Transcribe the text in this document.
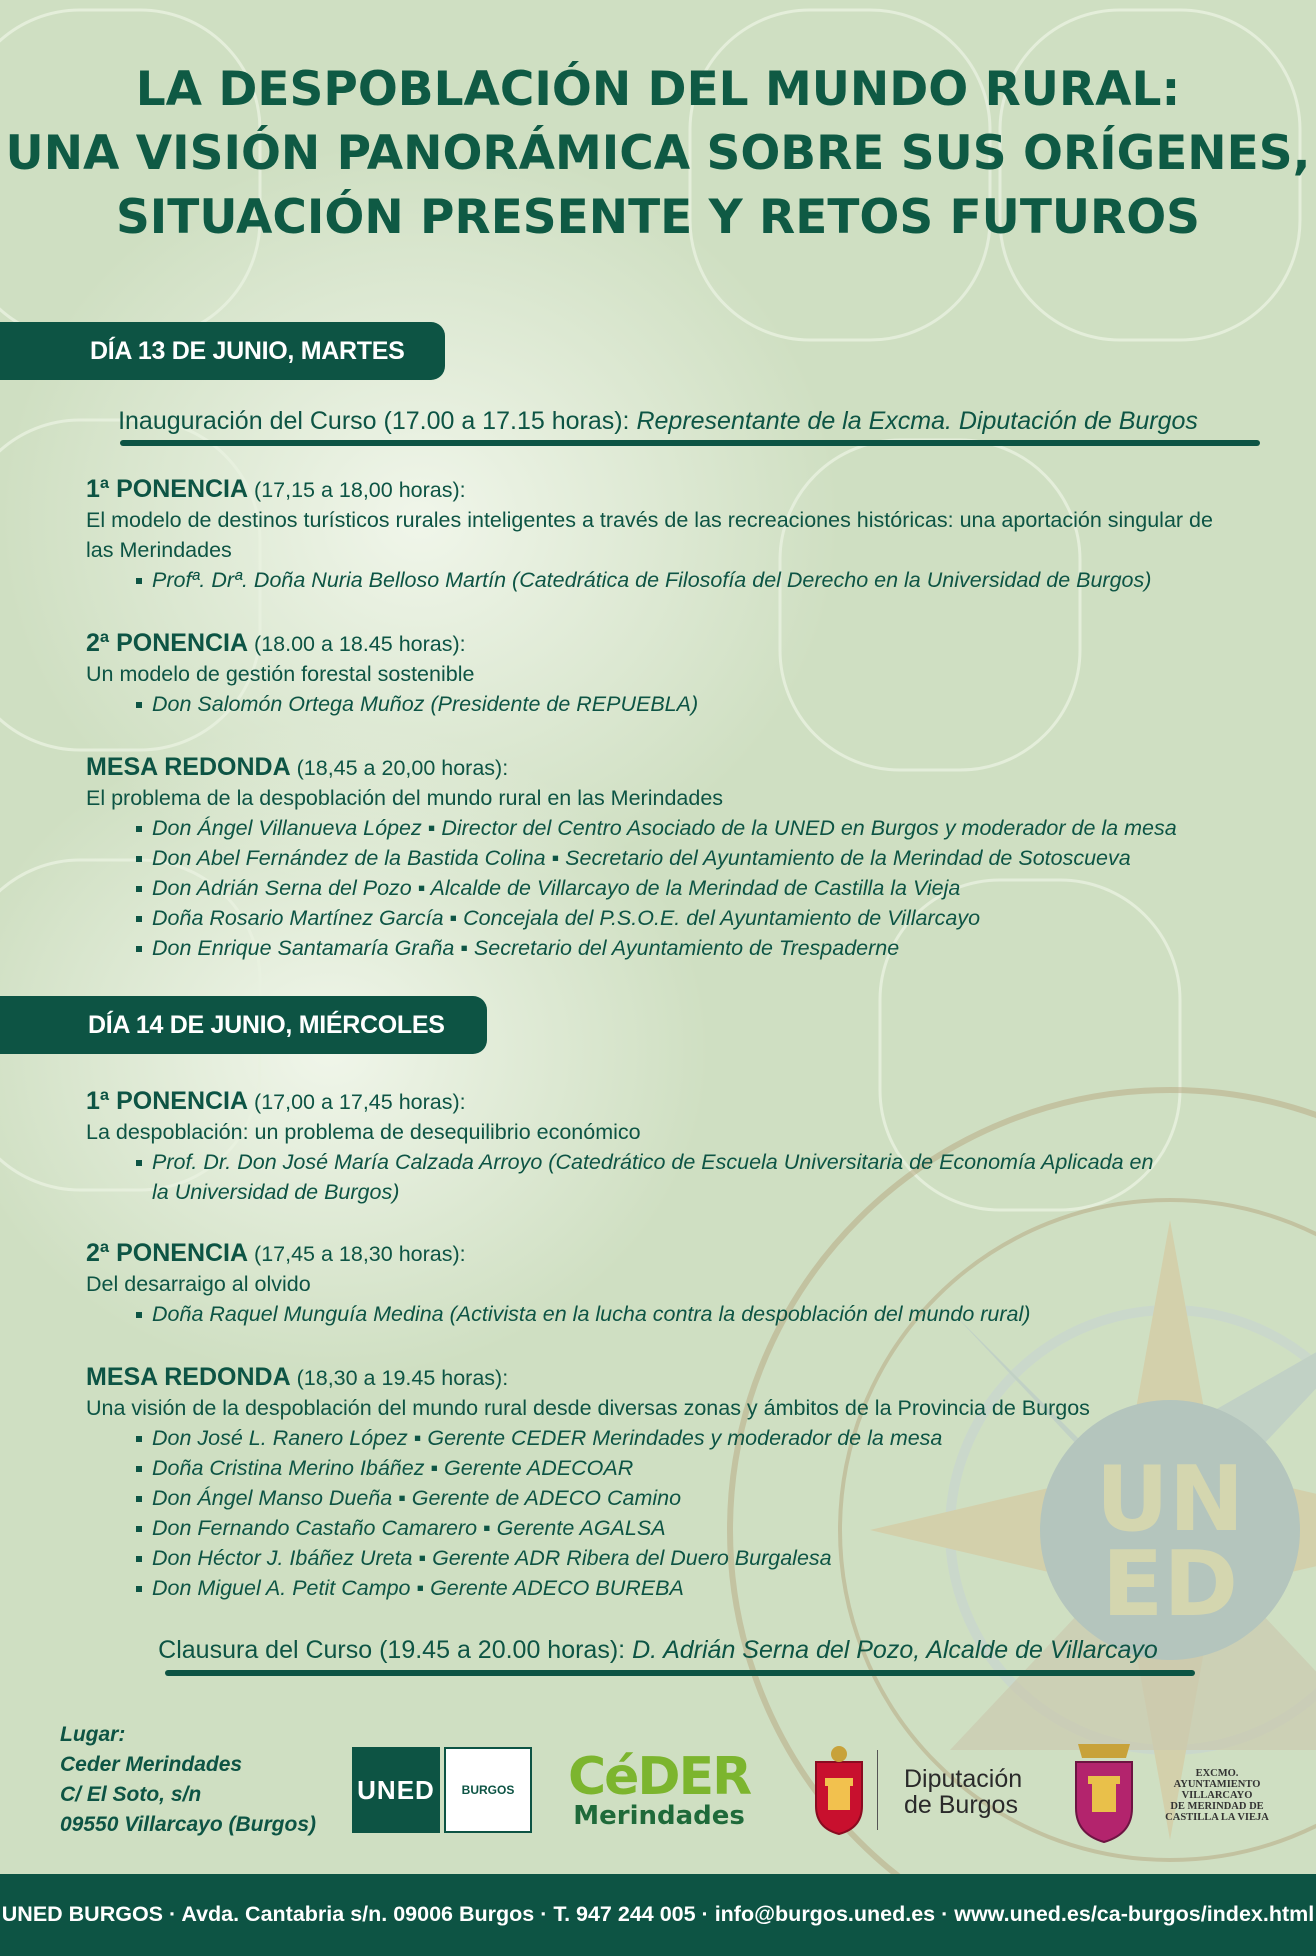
UN
ED
LA DESPOBLACIÓN DEL MUNDO RURAL:
UNA VISIÓN PANORÁMICA SOBRE SUS ORÍGENES,
SITUACIÓN PRESENTE Y RETOS FUTUROS
DÍA 13 DE JUNIO, MARTES
Inauguración del Curso (17.00 a 17.15 horas): Representante de la Excma. Diputación de Burgos
1ª PONENCIA (17,15 a 18,00 horas):
El modelo de destinos turísticos rurales inteligentes a través de las recreaciones históricas: una aportación singular de las Merindades
Profª. Drª. Doña Nuria Belloso Martín (Catedrática de Filosofía del Derecho en la Universidad de Burgos)
2ª PONENCIA (18.00 a 18.45 horas):
Un modelo de gestión forestal sostenible
Don Salomón Ortega Muñoz (Presidente de REPUEBLA)
MESA REDONDA (18,45 a 20,00 horas):
El problema de la despoblación del mundo rural en las Merindades
Don Ángel Villanueva López ▪ Director del Centro Asociado de la UNED en Burgos y moderador de la mesa
Don Abel Fernández de la Bastida Colina ▪ Secretario del Ayuntamiento de la Merindad de Sotoscueva
Don Adrián Serna del Pozo ▪ Alcalde de Villarcayo de la Merindad de Castilla la Vieja
Doña Rosario Martínez García ▪ Concejala del P.S.O.E. del Ayuntamiento de Villarcayo
Don Enrique Santamaría Graña ▪ Secretario del Ayuntamiento de Trespaderne
DÍA 14 DE JUNIO, MIÉRCOLES
1ª PONENCIA (17,00 a 17,45 horas):
La despoblación: un problema de desequilibrio económico
Prof. Dr. Don José María Calzada Arroyo (Catedrático de Escuela Universitaria de Economía Aplicada en la Universidad de Burgos)
2ª PONENCIA (17,45 a 18,30 horas):
Del desarraigo al olvido
Doña Raquel Munguía Medina (Activista en la lucha contra la despoblación del mundo rural)
MESA REDONDA (18,30 a 19.45 horas):
Una visión de la despoblación del mundo rural desde diversas zonas y ámbitos de la Provincia de Burgos
Don José L. Ranero López ▪ Gerente CEDER Merindades y moderador de la mesa
Doña Cristina Merino Ibáñez ▪ Gerente ADECOAR
Don Ángel Manso Dueña ▪ Gerente de ADECO Camino
Don Fernando Castaño Camarero ▪ Gerente AGALSA
Don Héctor J. Ibáñez Ureta ▪ Gerente ADR Ribera del Duero Burgalesa
Don Miguel A. Petit Campo ▪ Gerente ADECO BUREBA
Clausura del Curso (19.45 a 20.00 horas): D. Adrián Serna del Pozo, Alcalde de Villarcayo
Lugar:
Ceder Merindades
C/ El Soto, s/n
09550 Villarcayo (Burgos)
UNED	BURGOS	CéDER
Merindades
Diputación
de Burgos
EXCMO.
AYUNTAMIENTO
VILLARCAYO
DE MERINDAD DE
CASTILLA LA VIEJA
UNED BURGOS · Avda. Cantabria s/n. 09006 Burgos · T. 947 244 005 · info@burgos.uned.es · www.uned.es/ca-burgos/index.html
